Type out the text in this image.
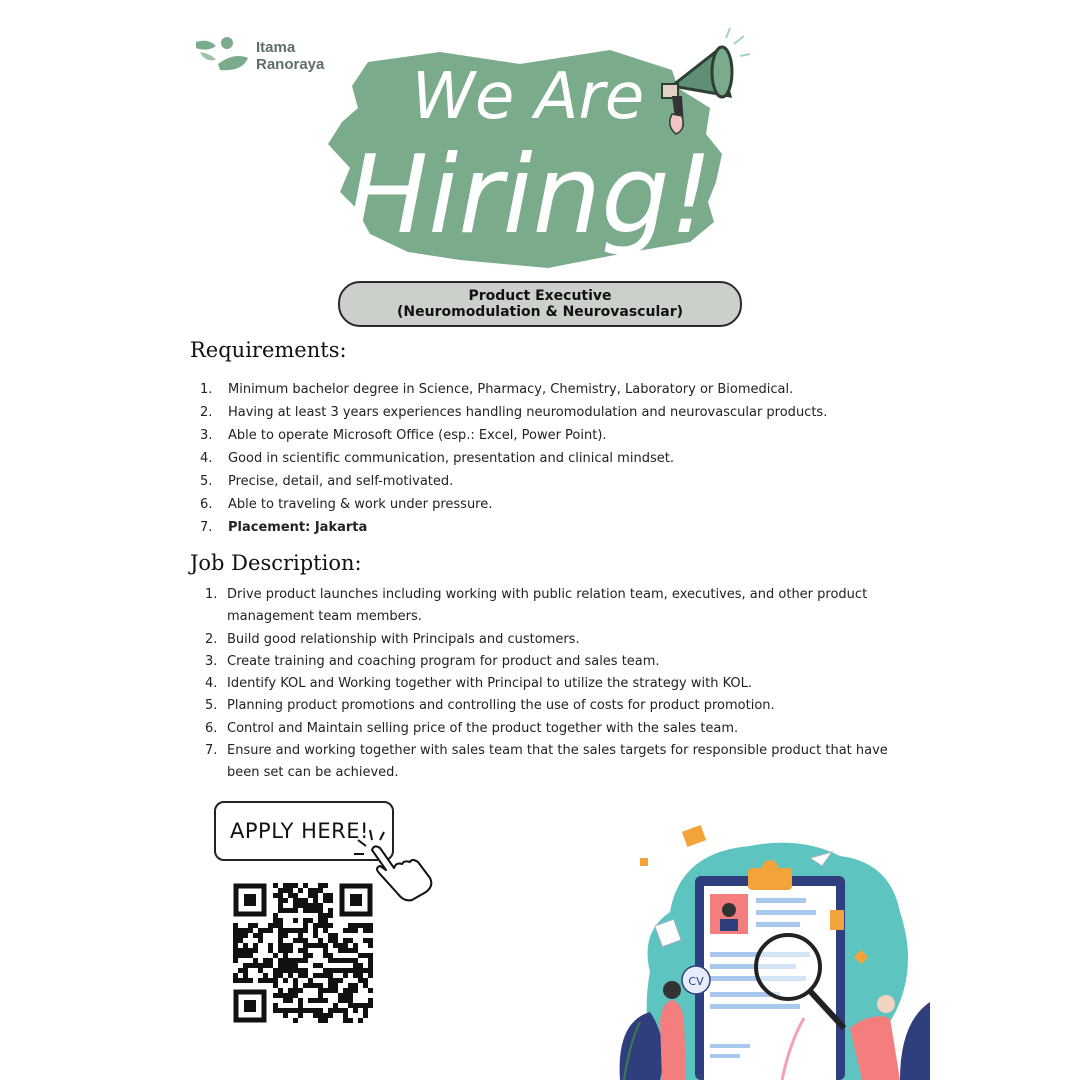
Itama
Ranoraya We Are
Hiring!
Product Executive
(Neuromodulation & Neurovascular)
Requirements:
1.	Minimum bachelor degree in Science, Pharmacy, Chemistry, Laboratory or Biomedical.
2.	Having at least 3 years experiences handling neuromodulation and neurovascular products.
3.	Able to operate Microsoft Office (esp.: Excel, Power Point).
4.	Good in scientific communication, presentation and clinical mindset.
5.	Precise, detail, and self-motivated.
6.	Able to traveling & work under pressure.
7.	Placement: Jakarta
Job Description:
1. Drive product launches including working with public relation team, executives, and other product management team members.
2. Build good relationship with Principals and customers.
3. Create training and coaching program for product and sales team.
4. Identify KOL and Working together with Principal to utilize the strategy with KOL.
5. Planning product promotions and controlling the use of costs for product promotion.
6. Control and Maintain selling price of the product together with the sales team.
7. Ensure and working together with sales team that the sales targets for responsible product that have been set can be achieved.
APPLY HERE!
CV
